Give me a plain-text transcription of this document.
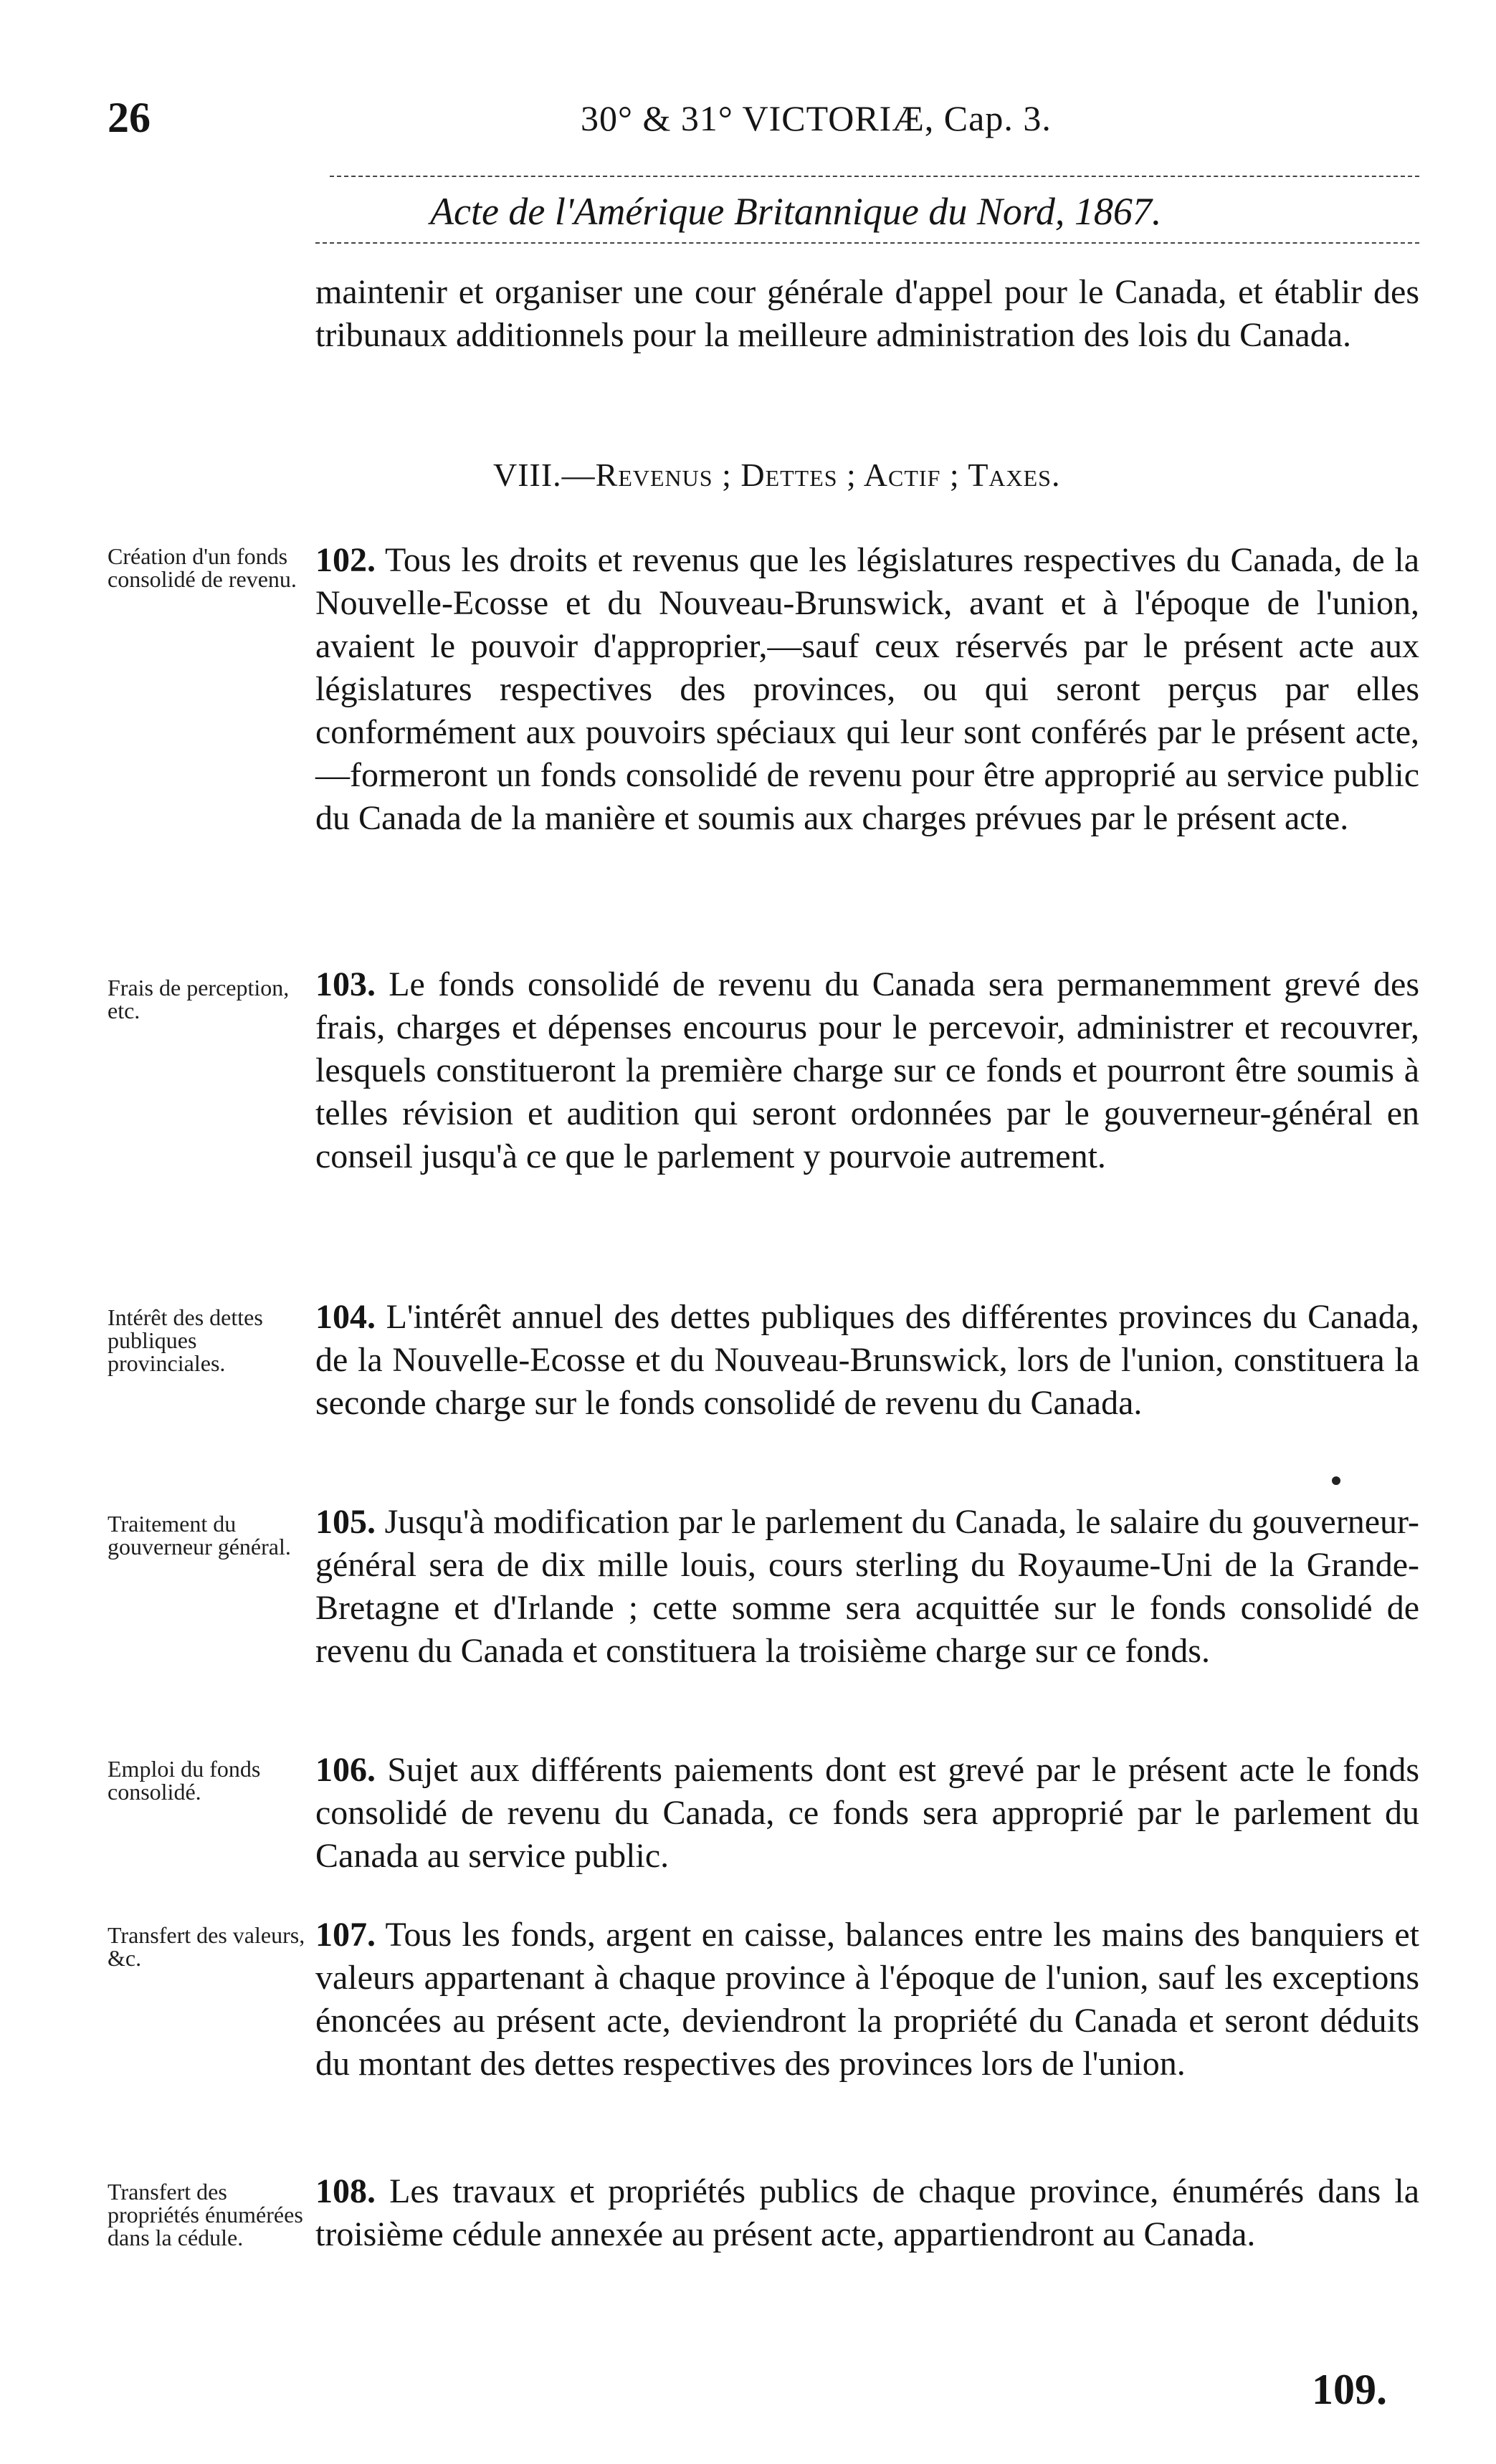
26	30° & 31° VICTORIÆ, Cap. 3.
Acte de l'Amérique Britannique du Nord, 1867.
maintenir et organiser une cour générale d'appel pour le Canada, et établir des tribunaux additionnels pour la meilleure administration des lois du Canada.
VIII.—Revenus ; Dettes ; Actif ; Taxes.
Création d'un fonds consolidé de revenu. 102. Tous les droits et revenus que les législatures respectives du Canada, de la Nouvelle-Ecosse et du Nouveau-Brunswick, avant et à l'époque de l'union, avaient le pouvoir d'approprier,—sauf ceux réservés par le présent acte aux législatures respectives des provinces, ou qui seront perçus par elles conformément aux pouvoirs spéciaux qui leur sont conférés par le présent acte,—formeront un fonds consolidé de revenu pour être approprié au service public du Canada de la manière et soumis aux charges prévues par le présent acte.
Frais de perception, etc.
103. Le fonds consolidé de revenu du Canada sera permanemment grevé des frais, charges et dépenses encourus pour le percevoir, administrer et recouvrer, lesquels constitueront la première charge sur ce fonds et pourront être soumis à telles révision et audition qui seront ordonnées par le gouverneur-général en conseil jusqu'à ce que le parlement y pourvoie autrement.
Intérêt des dettes publiques provinciales.
104. L'intérêt annuel des dettes publiques des différentes provinces du Canada, de la Nouvelle-Ecosse et du Nouveau-Brunswick, lors de l'union, constituera la seconde charge sur le fonds consolidé de revenu du Canada.
Traitement du gouverneur général.
105. Jusqu'à modification par le parlement du Canada, le salaire du gouverneur-général sera de dix mille louis, cours sterling du Royaume-Uni de la Grande-Bretagne et d'Irlande ; cette somme sera acquittée sur le fonds consolidé de revenu du Canada et constituera la troisième charge sur ce fonds.
Emploi du fonds consolidé.
106. Sujet aux différents paiements dont est grevé par le présent acte le fonds consolidé de revenu du Canada, ce fonds sera approprié par le parlement du Canada au service public.
Transfert des valeurs, &c.
107. Tous les fonds, argent en caisse, balances entre les mains des banquiers et valeurs appartenant à chaque province à l'époque de l'union, sauf les exceptions énoncées au présent acte, deviendront la propriété du Canada et seront déduits du montant des dettes respectives des provinces lors de l'union.
Transfert des propriétés énumérées dans la cédule.
108. Les travaux et propriétés publics de chaque province, énumérés dans la troisième cédule annexée au présent acte, appartiendront au Canada.
109.
